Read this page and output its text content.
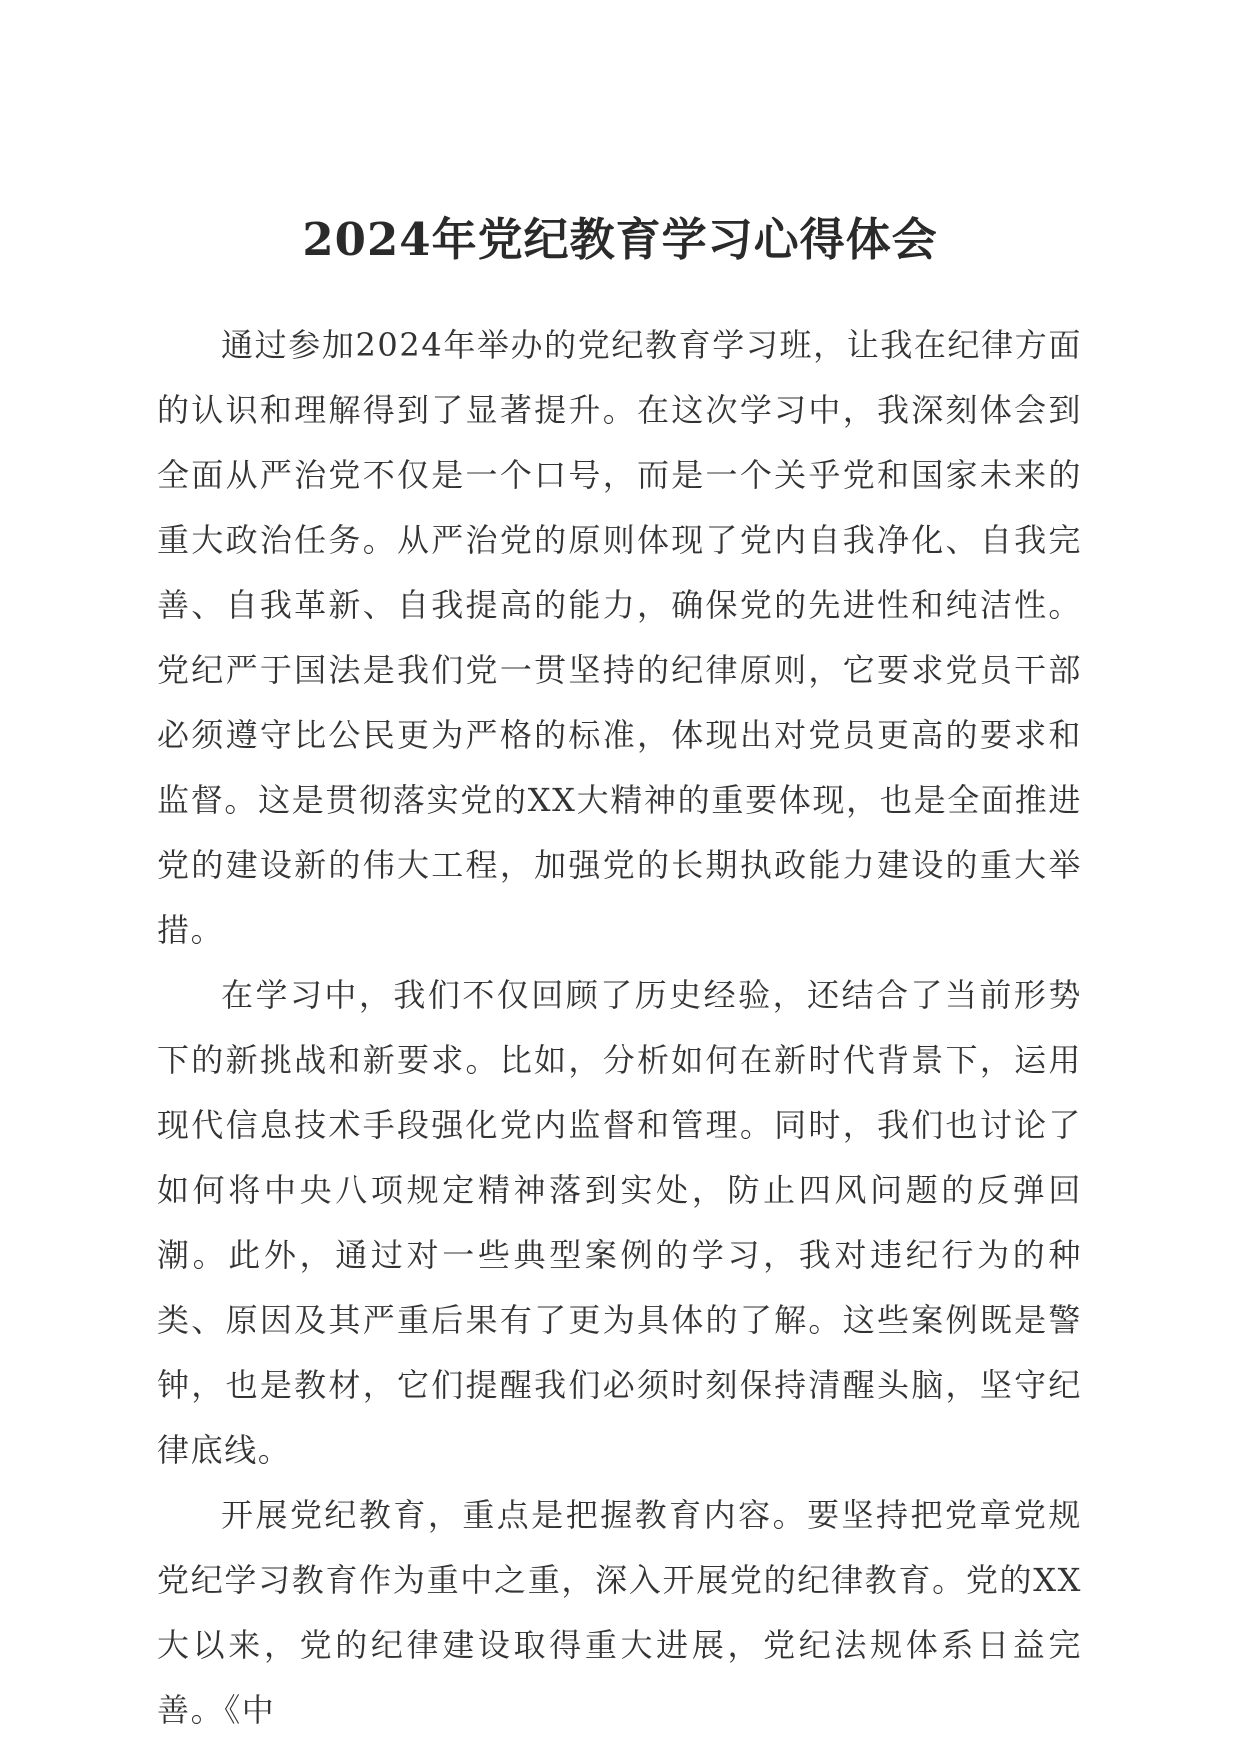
2024年党纪教育学习心得体会

通过参加2024年举办的党纪教育学习班，让我在纪律方面的认识和理解得到了显著提升。在这次学习中，我深刻体会到全面从严治党不仅是一个口号，而是一个关乎党和国家未来的重大政治任务。从严治党的原则体现了党内自我净化、自我完善、自我革新、自我提高的能力，确保党的先进性和纯洁性。党纪严于国法是我们党一贯坚持的纪律原则，它要求党员干部必须遵守比公民更为严格的标准，体现出对党员更高的要求和监督。这是贯彻落实党的XX大精神的重要体现，也是全面推进党的建设新的伟大工程，加强党的长期执政能力建设的重大举措。

在学习中，我们不仅回顾了历史经验，还结合了当前形势下的新挑战和新要求。比如，分析如何在新时代背景下，运用现代信息技术手段强化党内监督和管理。同时，我们也讨论了如何将中央八项规定精神落到实处，防止四风问题的反弹回潮。此外，通过对一些典型案例的学习，我对违纪行为的种类、原因及其严重后果有了更为具体的了解。这些案例既是警钟，也是教材，它们提醒我们必须时刻保持清醒头脑，坚守纪律底线。

开展党纪教育，重点是把握教育内容。要坚持把党章党规党纪学习教育作为重中之重，深入开展党的纪律教育。党的XX大以来，党的纪律建设取得重大进展，党纪法规体系日益完善。《中
